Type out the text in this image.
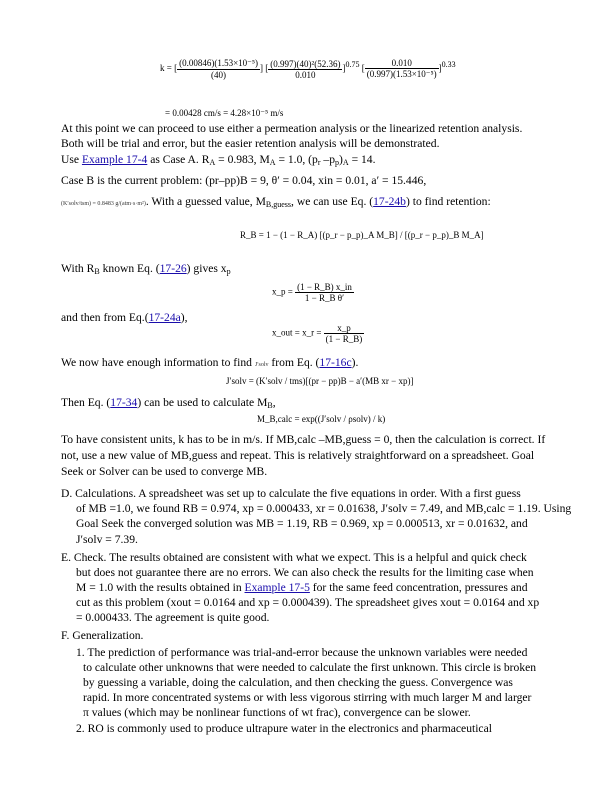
k = [ $\frac{\text{(0.00846)(1.53×10⁻⁵)}}{(40)}$ ] [ $\frac{\text{(0.997)(40)²(52.36)}}{0.010} ]^{0.75}$ [ $\frac{0.010}{\text{(0.997)(1.53×10⁻⁵)}} ]^{0.33}$
= 0.00428 cm/s = 4.28×10⁻⁵ m/s
At this point we can proceed to use either a permeation analysis or the linearized retention analysis.
Both will be trial and error, but the easier retention analysis will be demonstrated.
Use Example 17-4 as Case A. $R_A = 0.983$, $M_A = 1.0$, ($p_r$ $-p_p)_A = 14$.
Case B is the current problem: (pr–pp)B = 9, θ′ = 0.04, xin = 0.01, a′ = 15.446,
(K′solv/tsm) = 0.8483 g/(atm·s·m²). With a guessed value, $M_{B,guess}$, we can use Eq. (17-24b) to find retention:
R_B = 1 − (1 − R_A) [(p_r − p_p)_A M_B] / [(p_r − p_p)_B M_A]
With $R_B$ known Eq. (17-26) gives $x_p$
x_p = $\frac{(1 - R\_B) x\_in}{\text{1 − R\_B θ′}}$
and then from Eq.(17-24a),
x_out = x_r = $\frac{x\_p}{(1 - R\_B)}$
We now have enough information to find J′solv from Eq. (17-16c).
J′solv = (K′solv / tms)[(pr − pp)B − a′(MB xr − xp)]
Then Eq. (17-34) can be used to calculate $M_B$,
M_B,calc = exp((J′solv / ρsolv) / k)
To have consistent units, k has to be in m/s. If MB,calc –MB,guess = 0, then the calculation is correct. If
not, use a new value of MB,guess and repeat. This is relatively straightforward on a spreadsheet. Goal
Seek or Solver can be used to converge MB.
D. Calculations. A spreadsheet was set up to calculate the five equations in order. With a first guess
of MB =1.0, we found RB = 0.974, xp = 0.000433, xr = 0.01638, J′solv = 7.49, and MB,calc = 1.19. Using
Goal Seek the converged solution was MB = 1.19, RB = 0.969, xp = 0.000513, xr = 0.01632, and
J′solv = 7.39.
E. Check. The results obtained are consistent with what we expect. This is a helpful and quick check
but does not guarantee there are no errors. We can also check the results for the limiting case when
M = 1.0 with the results obtained in Example 17-5 for the same feed concentration, pressures and
cut as this problem (xout = 0.0164 and xp = 0.000439). The spreadsheet gives xout = 0.0164 and xp
= 0.000433. The agreement is quite good.
F. Generalization.
1. The prediction of performance was trial-and-error because the unknown variables were needed
to calculate other unknowns that were needed to calculate the first unknown. This circle is broken
by guessing a variable, doing the calculation, and then checking the guess. Convergence was
rapid. In more concentrated systems or with less vigorous stirring with much larger M and larger
π values (which may be nonlinear functions of wt frac), convergence can be slower.
2. RO is commonly used to produce ultrapure water in the electronics and pharmaceutical
